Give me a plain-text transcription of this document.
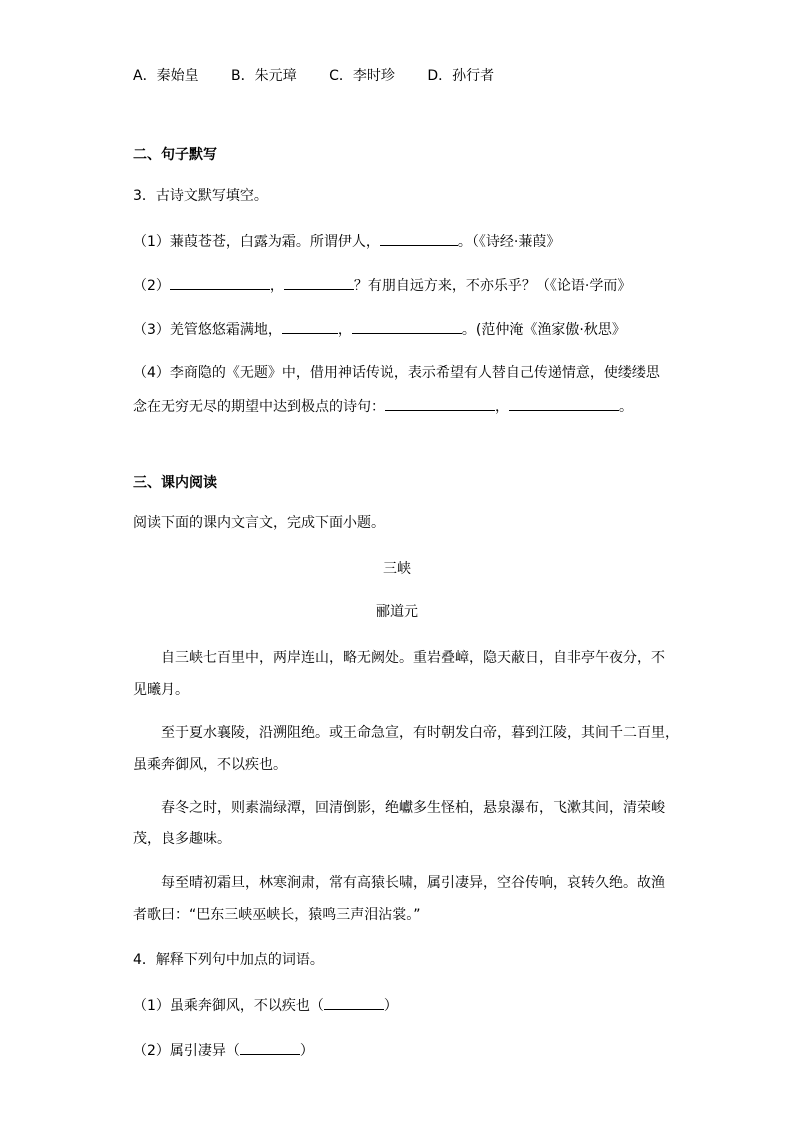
A．秦始皇 B．朱元璋 C．李时珍 D．孙行者
二、句子默写
3．古诗文默写填空。
（1）蒹葭苍苍，白露为霜。所谓伊人，	。（《诗经·蒹葭》
（2）	，	？有朋自远方来，不亦乐乎？（《论语·学而》
（3）羌管悠悠霜满地，	，	。(范仲淹《渔家傲·秋思》
（4）李商隐的《无题》中，借用神话传说，表示希望有人替自己传递情意，使缕缕思
念在无穷无尽的期望中达到极点的诗句：	，	。
三、课内阅读
阅读下面的课内文言文，完成下面小题。
三峡
郦道元
自三峡七百里中，两岸连山，略无阙处。重岩叠嶂，隐天蔽日，自非亭午夜分，不
见曦月。
至于夏水襄陵，沿溯阻绝。或王命急宣，有时朝发白帝，暮到江陵，其间千二百里，
虽乘奔御风，不以疾也。
春冬之时，则素湍绿潭，回清倒影，绝巘多生怪柏，悬泉瀑布，飞漱其间，清荣峻
茂，良多趣味。
每至晴初霜旦，林寒涧肃，常有高猿长啸，属引凄异，空谷传响，哀转久绝。故渔
者歌曰：“巴东三峡巫峡长，猿鸣三声泪沾裳。”
4．解释下列句中加点的词语。
（1）虽乘奔御风，不以疾也（	）
（2）属引凄异（	）
